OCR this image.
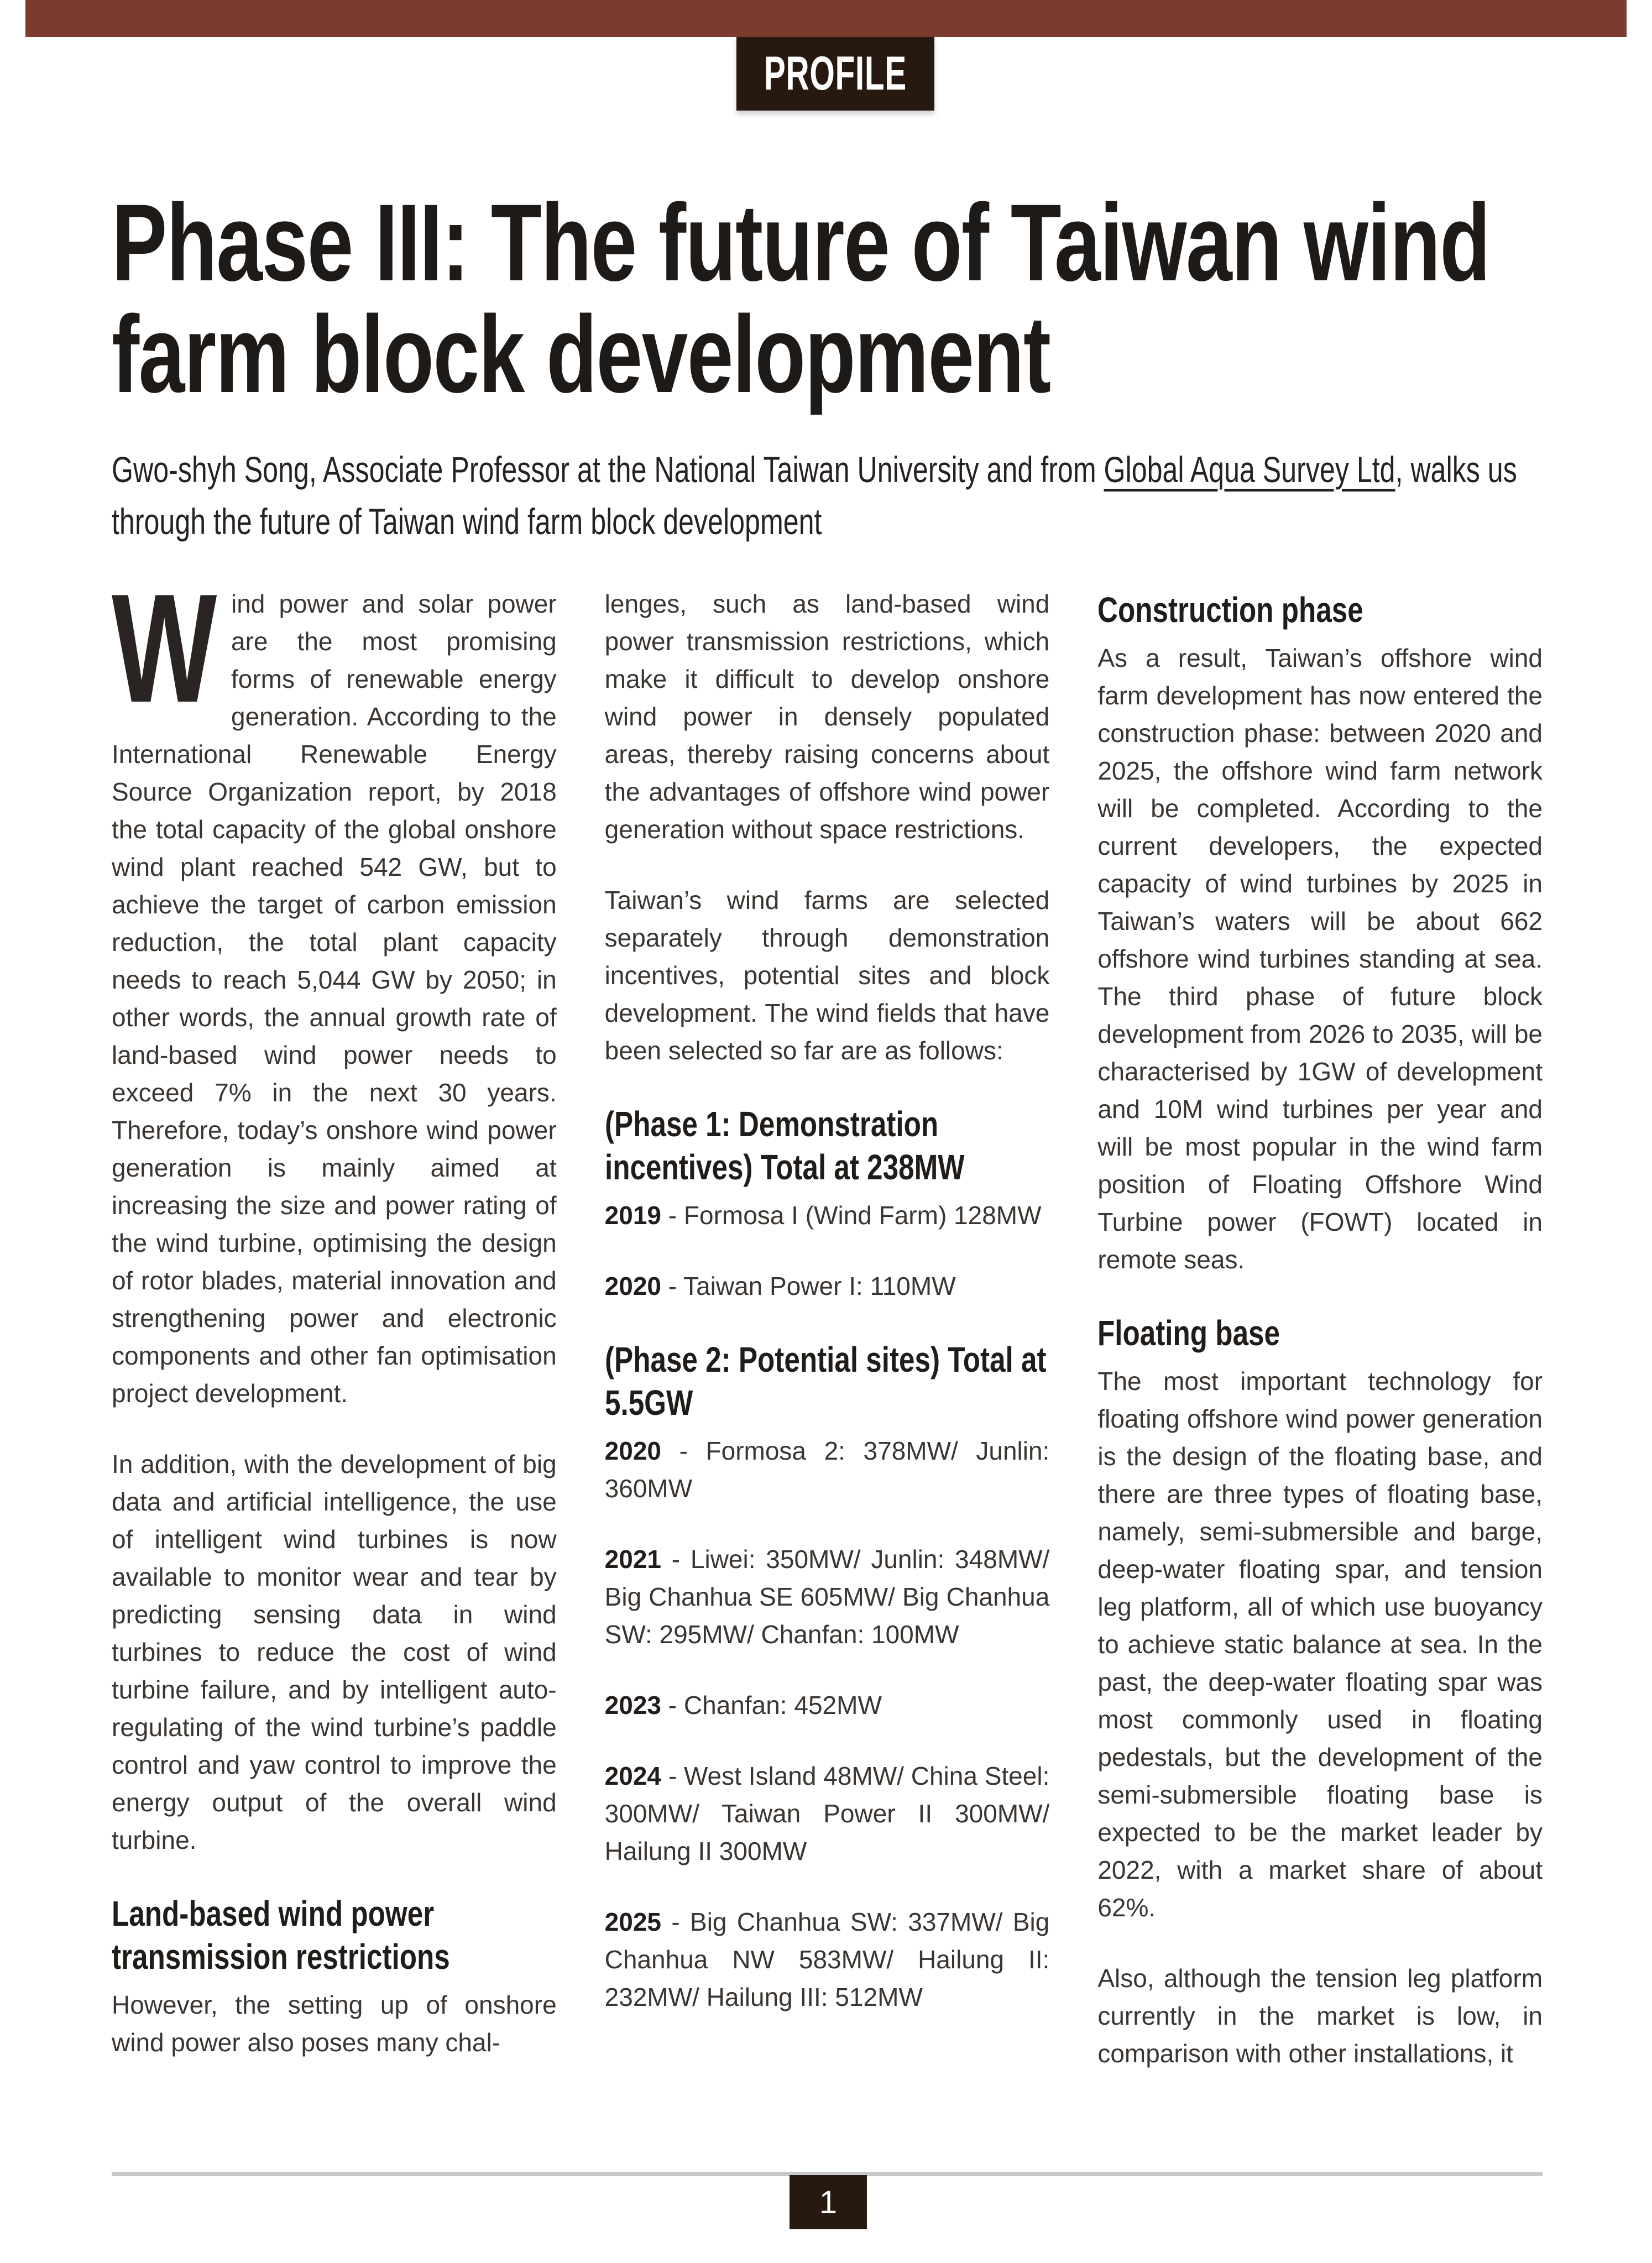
PROFILE
Phase III: The future of Taiwan wind
farm block development

Gwo-shyh Song, Associate Professor at the National Taiwan University and from Global Aqua Survey Ltd, walks us through the future of Taiwan wind farm block development

Wind power and solar power are the most promising forms of renewable energy generation. According to the International Renewable Energy Source Organization report, by 2018 the total capacity of the global onshore wind plant reached 542 GW, but to achieve the target of carbon emission reduction, the total plant capacity needs to reach 5,044 GW by 2050; in other words, the annual growth rate of land-based wind power needs to exceed 7% in the next 30 years. Therefore, today’s onshore wind power generation is mainly aimed at increasing the size and power rating of the wind turbine, optimising the design of rotor blades, material innovation and strengthening power and electronic components and other fan optimisation project development.

In addition, with the development of big data and artificial intelligence, the use of intelligent wind turbines is now available to monitor wear and tear by predicting sensing data in wind turbines to reduce the cost of wind turbine failure, and by intelligent auto-regulating of the wind turbine’s paddle control and yaw control to improve the energy output of the overall wind turbine.

Land-based wind power transmission restrictions

However, the setting up of onshore wind power also poses many chal-

lenges, such as land-based wind power transmission restrictions, which make it difficult to develop onshore wind power in densely populated areas, thereby raising concerns about the advantages of offshore wind power generation without space restrictions.

Taiwan’s wind farms are selected separately through demonstration incentives, potential sites and block development. The wind fields that have been selected so far are as follows:

(Phase 1: Demonstration incentives) Total at 238MW

2019 - Formosa I (Wind Farm) 128MW

2020 - Taiwan Power I: 110MW

(Phase 2: Potential sites) Total at 5.5GW

2020 - Formosa 2: 378MW/ Junlin: 360MW

2021 - Liwei: 350MW/ Junlin: 348MW/ Big Chanhua SE 605MW/ Big Chanhua SW: 295MW/ Chanfan: 100MW

2023 - Chanfan: 452MW

2024 - West Island 48MW/ China Steel: 300MW/ Taiwan Power II 300MW/ Hailung II 300MW

2025 - Big Chanhua SW: 337MW/ Big Chanhua NW 583MW/ Hailung II: 232MW/ Hailung III: 512MW

Construction phase

As a result, Taiwan’s offshore wind farm development has now entered the construction phase: between 2020 and 2025, the offshore wind farm network will be completed. According to the current developers, the expected capacity of wind turbines by 2025 in Taiwan’s waters will be about 662 offshore wind turbines standing at sea. The third phase of future block development from 2026 to 2035, will be characterised by 1GW of development and 10M wind turbines per year and will be most popular in the wind farm position of Floating Offshore Wind Turbine power (FOWT) located in remote seas.

Floating base

The most important technology for floating offshore wind power generation is the design of the floating base, and there are three types of floating base, namely, semi-submersible and barge, deep-water floating spar, and tension leg platform, all of which use buoyancy to achieve static balance at sea. In the past, the deep-water floating spar was most commonly used in floating pedestals, but the development of the semi-submersible floating base is expected to be the market leader by 2022, with a market share of about 62%.

Also, although the tension leg platform currently in the market is low, in comparison with other installations, it

1
